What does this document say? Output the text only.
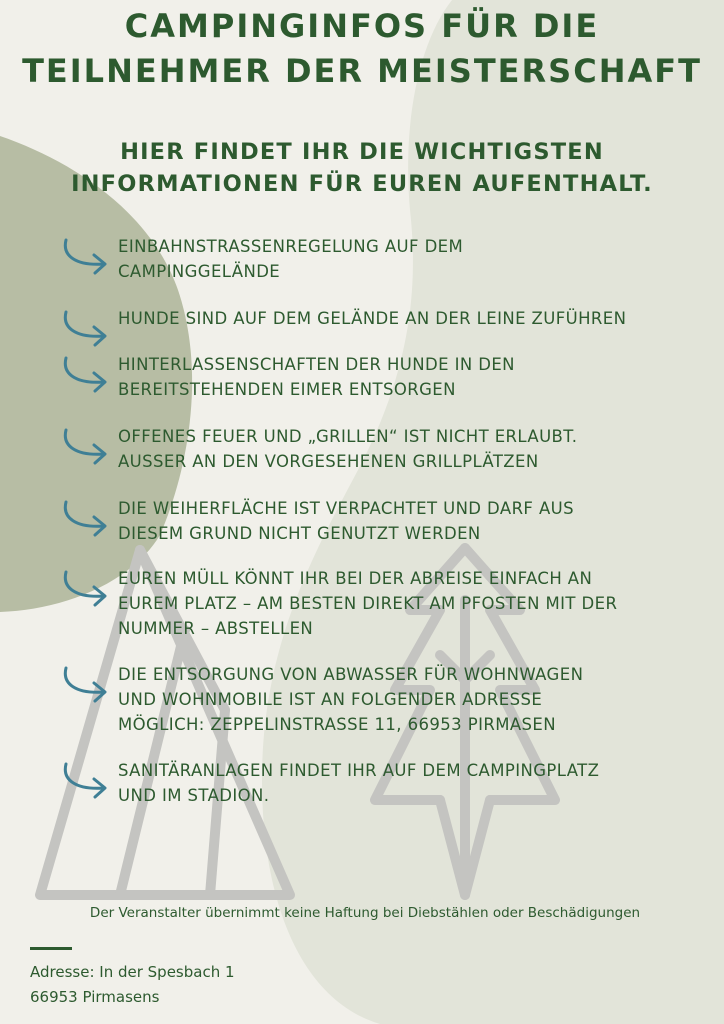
CAMPINGINFOS FÜR DIE
TEILNEHMER DER MEISTERSCHAFT
HIER FINDET IHR DIE WICHTIGSTEN
INFORMATIONEN FÜR EUREN AUFENTHALT.
EINBAHNSTRASSENREGELUNG AUF DEM
CAMPINGGELÄNDE
HUNDE SIND AUF DEM GELÄNDE AN DER LEINE ZUFÜHREN
HINTERLASSENSCHAFTEN DER HUNDE IN DEN
BEREITSTEHENDEN EIMER ENTSORGEN
OFFENES FEUER UND „GRILLEN“ IST NICHT ERLAUBT.
AUSSER AN DEN VORGESEHENEN GRILLPLÄTZEN
DIE WEIHERFLÄCHE IST VERPACHTET UND DARF AUS
DIESEM GRUND NICHT GENUTZT WERDEN
EUREN MÜLL KÖNNT IHR BEI DER ABREISE EINFACH AN
EUREM PLATZ – AM BESTEN DIREKT AM PFOSTEN MIT DER
NUMMER – ABSTELLEN
DIE ENTSORGUNG VON ABWASSER FÜR WOHNWAGEN
UND WOHNMOBILE IST AN FOLGENDER ADRESSE
MÖGLICH: ZEPPELINSTRASSE 11, 66953 PIRMASEN
SANITÄRANLAGEN FINDET IHR AUF DEM CAMPINGPLATZ
UND IM STADION.
Der Veranstalter übernimmt keine Haftung bei Diebstählen oder Beschädigungen
Adresse: In der Spesbach 1
66953 Pirmasens
